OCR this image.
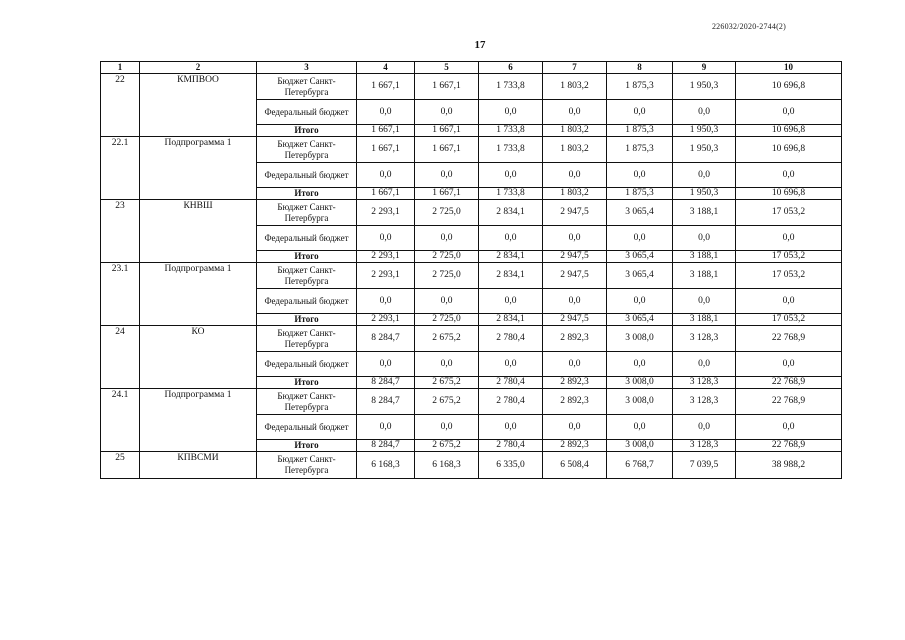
226032/2020-2744(2)
17
1	2	3	4	5	6	7	8	9	10
22	КМПВОО	Бюджет Санкт-Петербурга	1 667,1	1 667,1	1 733,8	1 803,2	1 875,3	1 950,3	10 696,8
		Федеральный бюджет	0,0	0,0	0,0	0,0	0,0	0,0	0,0
		Итого	1 667,1	1 667,1	1 733,8	1 803,2	1 875,3	1 950,3	10 696,8
22.1	Подпрограмма 1	Бюджет Санкт-Петербурга	1 667,1	1 667,1	1 733,8	1 803,2	1 875,3	1 950,3	10 696,8
		Федеральный бюджет	0,0	0,0	0,0	0,0	0,0	0,0	0,0
		Итого	1 667,1	1 667,1	1 733,8	1 803,2	1 875,3	1 950,3	10 696,8
23	КНВШ	Бюджет Санкт-Петербурга	2 293,1	2 725,0	2 834,1	2 947,5	3 065,4	3 188,1	17 053,2
		Федеральный бюджет	0,0	0,0	0,0	0,0	0,0	0,0	0,0
		Итого	2 293,1	2 725,0	2 834,1	2 947,5	3 065,4	3 188,1	17 053,2
23.1	Подпрограмма 1	Бюджет Санкт-Петербурга	2 293,1	2 725,0	2 834,1	2 947,5	3 065,4	3 188,1	17 053,2
		Федеральный бюджет	0,0	0,0	0,0	0,0	0,0	0,0	0,0
		Итого	2 293,1	2 725,0	2 834,1	2 947,5	3 065,4	3 188,1	17 053,2
24	КО	Бюджет Санкт-Петербурга	8 284,7	2 675,2	2 780,4	2 892,3	3 008,0	3 128,3	22 768,9
		Федеральный бюджет	0,0	0,0	0,0	0,0	0,0	0,0	0,0
		Итого	8 284,7	2 675,2	2 780,4	2 892,3	3 008,0	3 128,3	22 768,9
24.1	Подпрограмма 1	Бюджет Санкт-Петербурга	8 284,7	2 675,2	2 780,4	2 892,3	3 008,0	3 128,3	22 768,9
		Федеральный бюджет	0,0	0,0	0,0	0,0	0,0	0,0	0,0
		Итого	8 284,7	2 675,2	2 780,4	2 892,3	3 008,0	3 128,3	22 768,9
25	КПВСМИ	Бюджет Санкт-Петербурга	6 168,3	6 168,3	6 335,0	6 508,4	6 768,7	7 039,5	38 988,2
